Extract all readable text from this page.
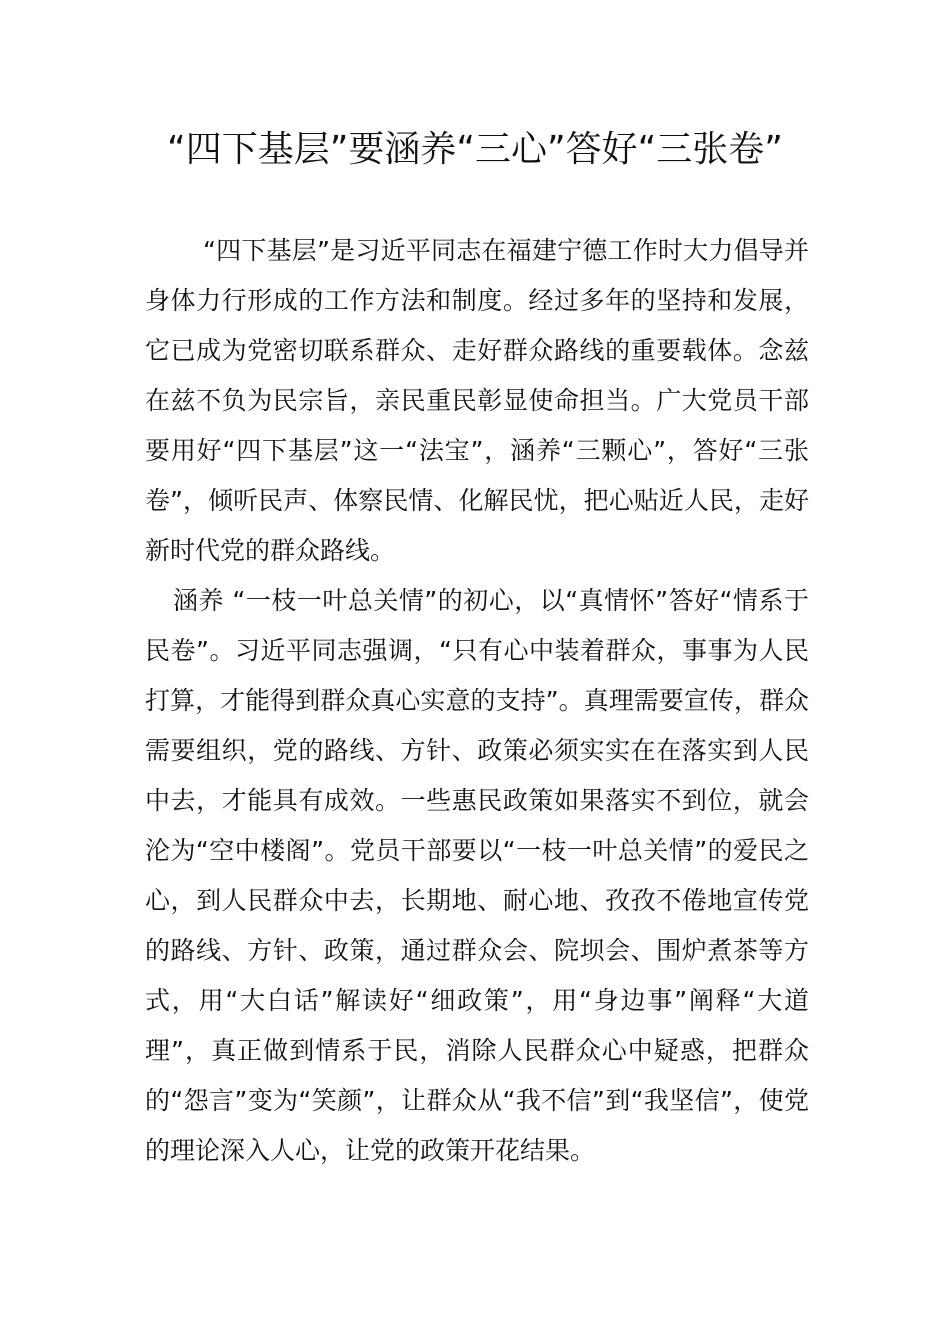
“四下基层”要涵养“三心”答好“三张卷”

“四下基层”是习近平同志在福建宁德工作时大力倡导并身体力行形成的工作方法和制度。经过多年的坚持和发展，它已成为党密切联系群众、走好群众路线的重要载体。念兹在兹不负为民宗旨，亲民重民彰显使命担当。广大党员干部要用好“四下基层”这一“法宝”，涵养“三颗心”，答好“三张卷”，倾听民声、体察民情、化解民忧，把心贴近人民，走好新时代党的群众路线。

涵养 “一枝一叶总关情”的初心，以“真情怀”答好“情系于民卷”。习近平同志强调，“只有心中装着群众，事事为人民打算，才能得到群众真心实意的支持”。真理需要宣传，群众需要组织，党的路线、方针、政策必须实实在在落实到人民中去，才能具有成效。一些惠民政策如果落实不到位，就会沦为“空中楼阁”。党员干部要以“一枝一叶总关情”的爱民之心，到人民群众中去，长期地、耐心地、孜孜不倦地宣传党的路线、方针、政策，通过群众会、院坝会、围炉煮茶等方式，用“大白话”解读好“细政策”，用“身边事”阐释“大道理”，真正做到情系于民，消除人民群众心中疑惑，把群众的“怨言”变为“笑颜”，让群众从“我不信”到“我坚信”，使党的理论深入人心，让党的政策开花结果。
